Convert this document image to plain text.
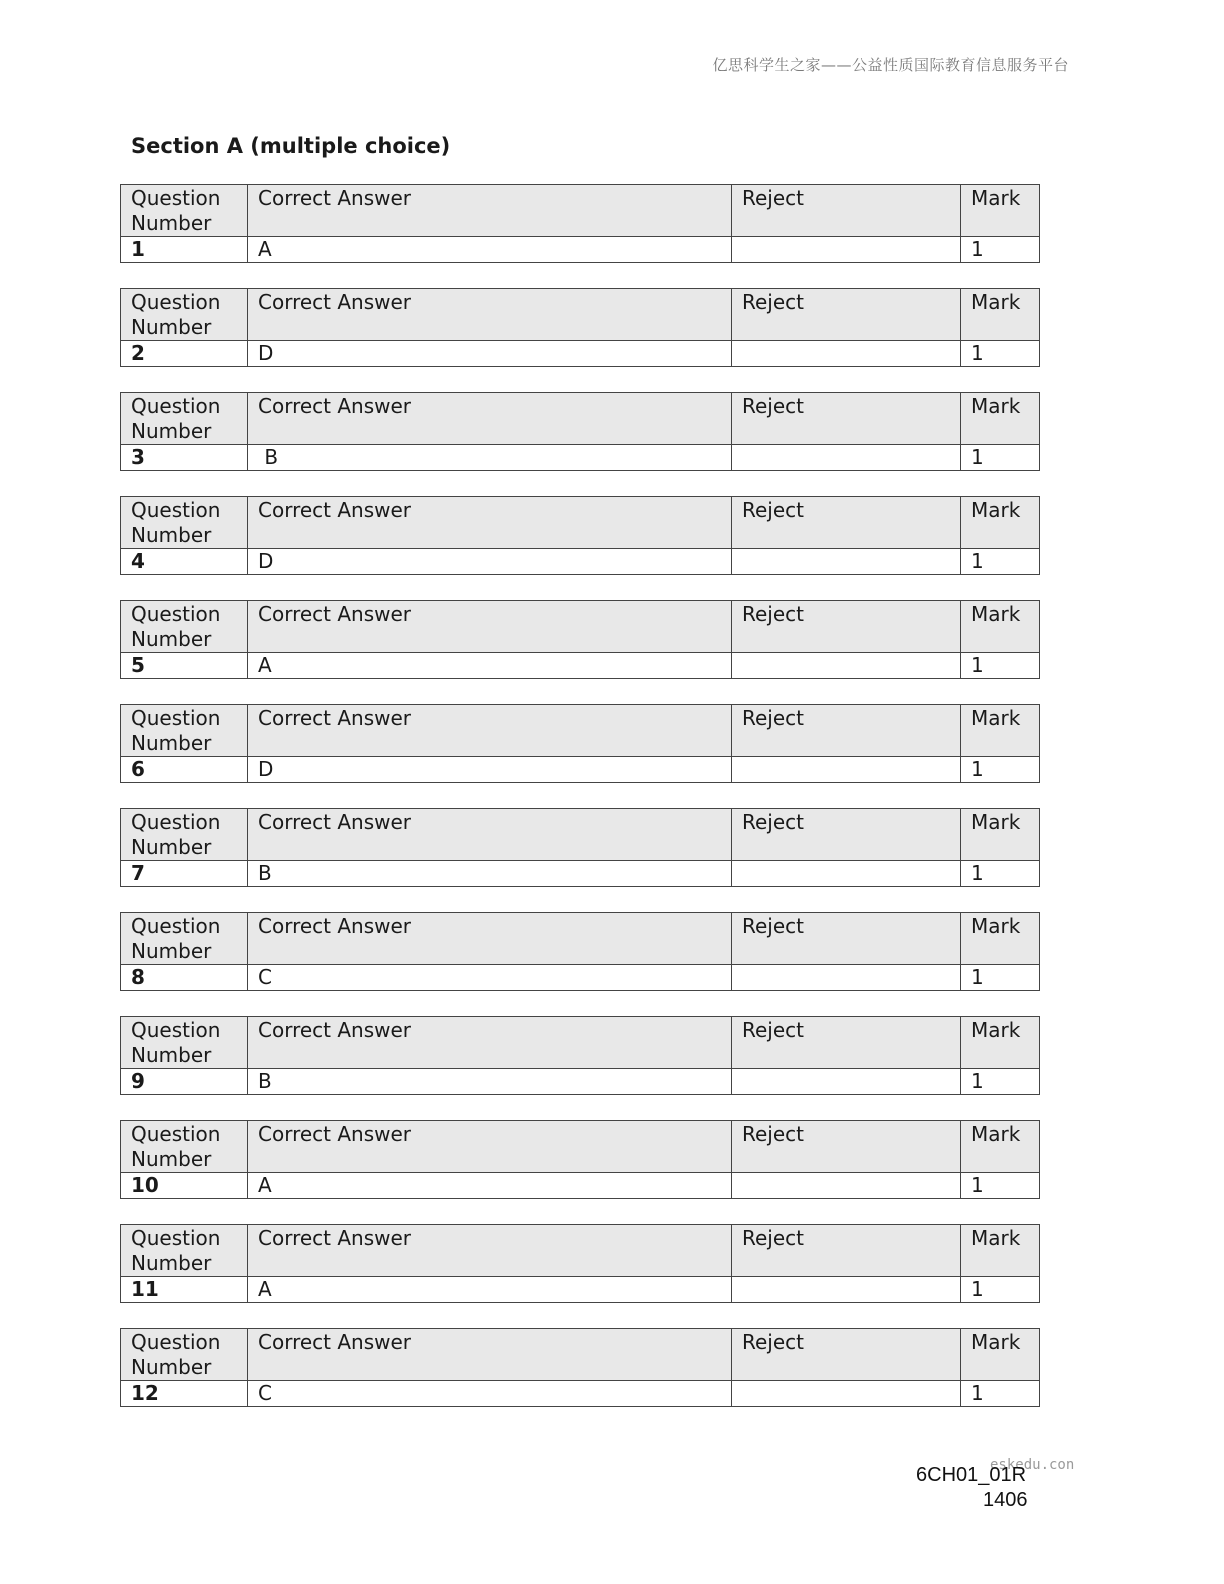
亿思科学生之家——公益性质国际教育信息服务平台
Section A (multiple choice)
Question Number	Correct Answer	Reject	Mark
1	A		1
Question Number	Correct Answer	Reject	Mark
2	D		1
Question Number	Correct Answer	Reject	Mark
3	B		1
Question Number	Correct Answer	Reject	Mark
4	D		1
Question Number	Correct Answer	Reject	Mark
5	A		1
Question Number	Correct Answer	Reject	Mark
6	D		1
Question Number	Correct Answer	Reject	Mark
7	B		1
Question Number	Correct Answer	Reject	Mark
8	C		1
Question Number	Correct Answer	Reject	Mark
9	B		1
Question Number	Correct Answer	Reject	Mark
10	A		1
Question Number	Correct Answer	Reject	Mark
11	A		1
Question Number	Correct Answer	Reject	Mark
12	C		1
eskedu.con
6CH01_01R
1406
